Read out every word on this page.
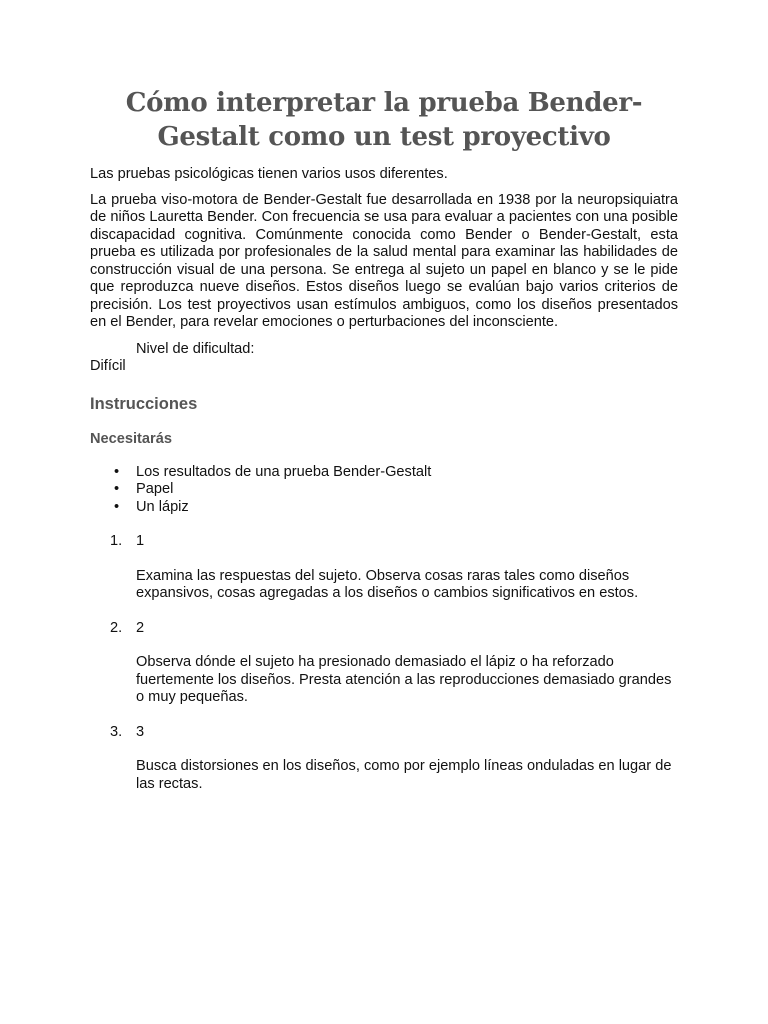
Cómo interpretar la prueba Bender-Gestalt como un test proyectivo

Las pruebas psicológicas tienen varios usos diferentes.

La prueba viso-motora de Bender-Gestalt fue desarrollada en 1938 por la neuropsiquiatra de niños Lauretta Bender. Con frecuencia se usa para evaluar a pacientes con una posible discapacidad cognitiva. Comúnmente conocida como Bender o Bender-Gestalt, esta prueba es utilizada por profesionales de la salud mental para examinar las habilidades de construcción visual de una persona. Se entrega al sujeto un papel en blanco y se le pide que reproduzca nueve diseños. Estos diseños luego se evalúan bajo varios criterios de precisión. Los test proyectivos usan estímulos ambiguos, como los diseños presentados en el Bender, para revelar emociones o perturbaciones del inconsciente.

Nivel de dificultad:

Difícil

Instrucciones
Necesitarás
• Los resultados de una prueba Bender-Gestalt
• Papel
• Un lápiz
1. 1

Examina las respuestas del sujeto. Observa cosas raras tales como diseños expansivos, cosas agregadas a los diseños o cambios significativos en estos.

2. 2

Observa dónde el sujeto ha presionado demasiado el lápiz o ha reforzado fuertemente los diseños. Presta atención a las reproducciones demasiado grandes o muy pequeñas.

3. 3

Busca distorsiones en los diseños, como por ejemplo líneas onduladas en lugar de las rectas.
